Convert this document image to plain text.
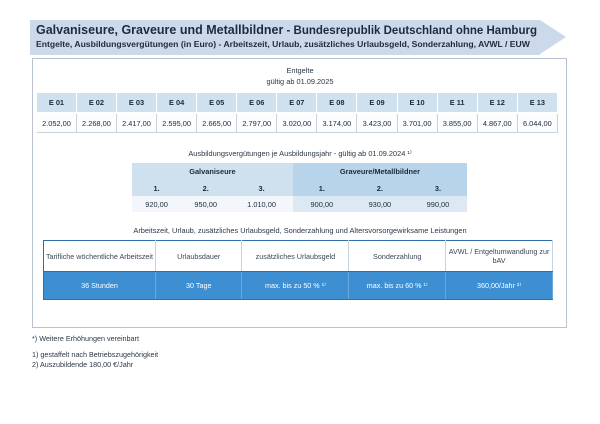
Galvaniseure, Graveure und Metallbildner - Bundesrepublik Deutschland ohne Hamburg
Entgelte, Ausbildungsvergütungen (in Euro) - Arbeitszeit, Urlaub, zusätzliches Urlaubsgeld, Sonderzahlung, AVWL / EUW
Entgelte
gültig ab 01.09.2025
E 01	E 02	E 03	E 04	E 05	E 06	E 07	E 08	E 09	E 10	E 11	E 12	E 13

2.052,00	2.268,00	2.417,00	2.595,00	2.665,00	2.797,00	3.020,00	3.174,00	3.423,00	3.701,00	3.855,00	4.867,00	6.044,00
Ausbildungsvergütungen je Ausbildungsjahr - gültig ab 01.09.2024 ¹⁾
Galvaniseure			Graveure/Metallbildner		
1.	2.	3.	1.	2.	3.
920,00	950,00	1.010,00	900,00	930,00	990,00
Arbeitszeit, Urlaub, zusätzliches Urlaubsgeld, Sonderzahlung und Altersvorsorgewirksame Leistungen
Tarifliche wöchentliche Arbeitszeit	Urlaubsdauer	zusätzliches Urlaubsgeld	Sonderzahlung	AVWL / Entgeltumwandlung zur bAV
36 Stunden	30 Tage	max. bis zu 50 % ¹⁾	max. bis zu 60 % ¹⁾	360,00/Jahr ²⁾
*) Weitere Erhöhungen vereinbart
1) gestaffelt nach Betriebszugehörigkeit
2) Auszubildende 180,00 €/Jahr
